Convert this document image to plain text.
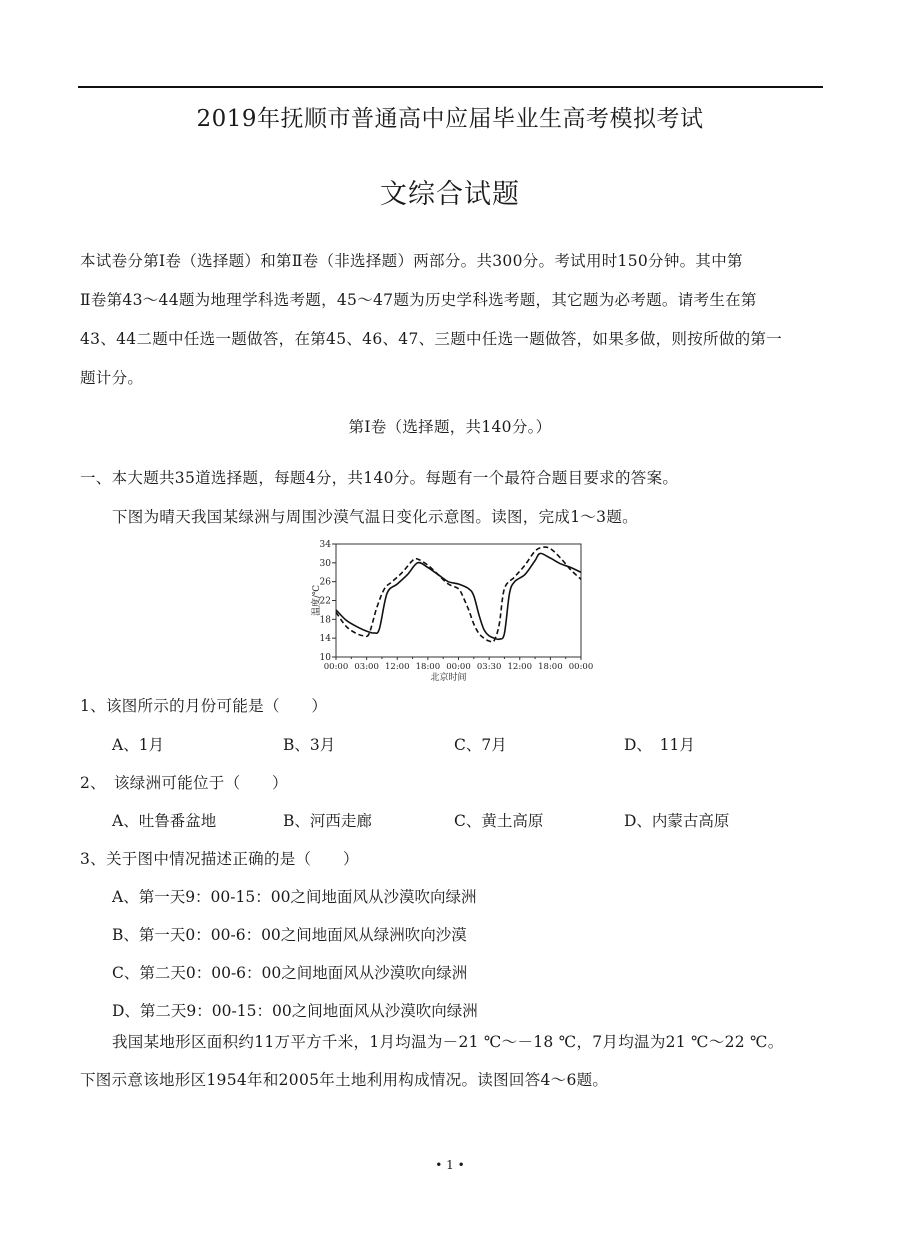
2019年抚顺市普通高中应届毕业生高考模拟考试
文综合试题
本试卷分第Ⅰ卷（选择题）和第Ⅱ卷（非选择题）两部分。共300分。考试用时150分钟。其中第
Ⅱ卷第43～44题为地理学科选考题，45～47题为历史学科选考题，其它题为必考题。请考生在第
43、44二题中任选一题做答，在第45、46、47、三题中任选一题做答，如果多做，则按所做的第一
题计分。
第Ⅰ卷（选择题，共140分。）
一、本大题共35道选择题，每题4分，共140分。每题有一个最符合题目要求的答案。
下图为晴天我国某绿洲与周围沙漠气温日变化示意图。读图，完成1～3题。
10
14
18
22
26
30
34
00:00 03:00 12:00 18:00 00:00 03:30 12:00 18:00 00:00
北京时间
温度/℃
1、该图所示的月份可能是（　　）
A、1月	B、3月	C、7月	D、　11月
2、　该绿洲可能位于（　　）
A、吐鲁番盆地	B、河西走廊	C、黄土高原	D、内蒙古高原
3、关于图中情况描述正确的是（　　）
A、第一天9：00-15：00之间地面风从沙漠吹向绿洲
B、第一天0：00-6：00之间地面风从绿洲吹向沙漠
C、第二天0：00-6：00之间地面风从沙漠吹向绿洲
D、第二天9：00-15：00之间地面风从沙漠吹向绿洲
我国某地形区面积约11万平方千米，1月均温为－21 ℃～－18 ℃，7月均温为21 ℃～22 ℃。
下图示意该地形区1954年和2005年土地利用构成情况。读图回答4～6题。
• 1 •
